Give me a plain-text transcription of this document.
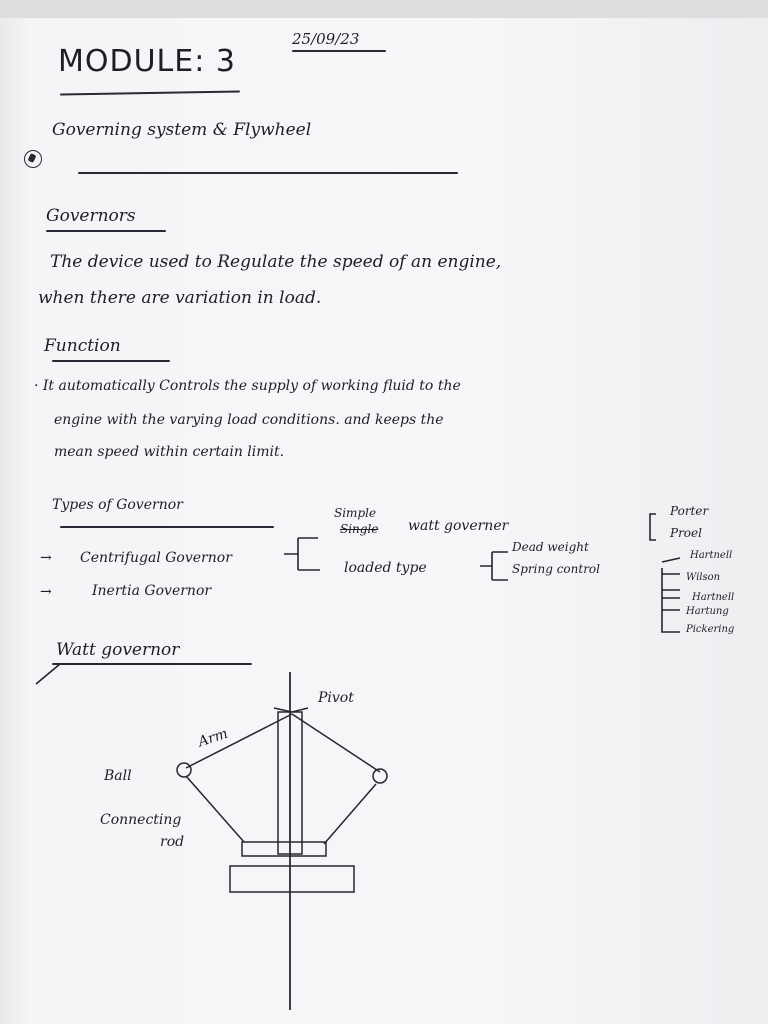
MODULE: 3
25/09/23
Governing system & Flywheel
Governors
The device used to Regulate the speed of an engine,
when there are variation in load.
Function
· It automatically Controls the supply of working fluid to the
engine with the varying load conditions. and keeps the
mean speed within certain limit.
Types of Governor
→ Centrifugal Governor
→	Inertia Governor
Simple
Single watt governer
loaded type
Dead weight
Spring control
Porter
Proel
Hartnell
Wilson
Hartnell
Hartung
Pickering
Watt governor
Pivot
Arm
Ball
Connecting
rod
